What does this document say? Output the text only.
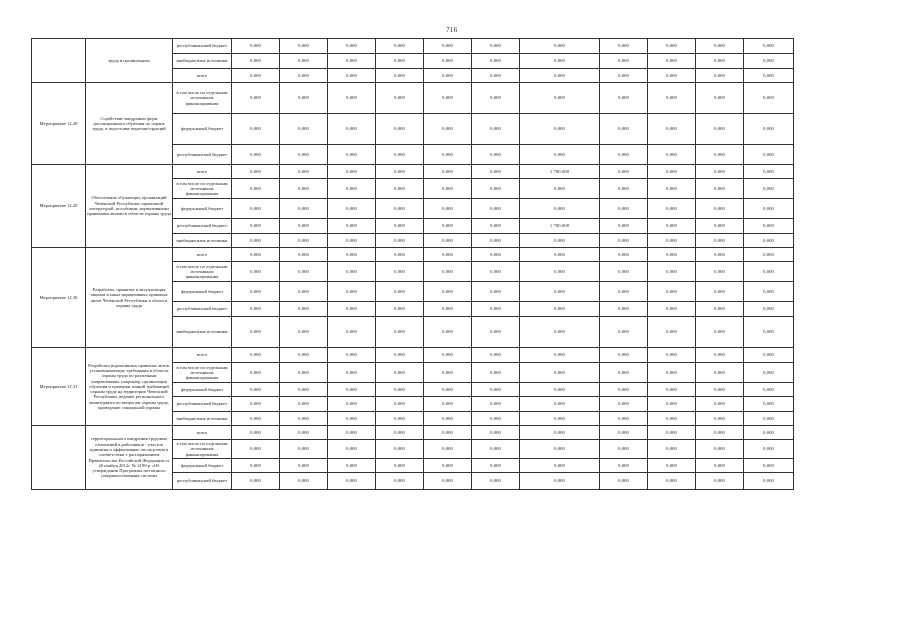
716
	труда в организациях	республиканский бюджет	0,000	0,000	0,000	0,000	0,000	0,000	0,000	0,000	0,000	0,000	0,000
		внебюджетные источники	0,000	0,000	0,000	0,000	0,000	0,000	0,000	0,000	0,000	0,000	0,000
		всего	0,000	0,000	0,000	0,000	0,000	0,000	0,000	0,000	0,000	0,000	0,000
Мероприятие 12.28	Содействие внедрению форм дистанционного обучения по охране труда, в подготовке видеоинструкций	в том числе по отдельным источникам финансирования	0,000	0,000	0,000	0,000	0,000	0,000	0,000	0,000	0,000	0,000	0,000
		федеральный бюджет	0,000	0,000	0,000	0,000	0,000	0,000	0,000	0,000	0,000	0,000	0,000
		республиканский бюджет	0,000	0,000	0,000	0,000	0,000	0,000	0,000	0,000	0,000	0,000	0,000
Мероприятие 12.29	Обеспечение обучающих организаций Чеченской Республики справочной литературой, пособиями, нормативными правовыми актами в области охраны труда	всего	0,000	0,000	0,000	0,000	0,000	0,000	1 700,000	0,000	0,000	0,000	0,000
		в том числе по отдельным источникам финансирования	0,000	0,000	0,000	0,000	0,000	0,000	0,000	0,000	0,000	0,000	0,000
		федеральный бюджет	0,000	0,000	0,000	0,000	0,000	0,000	0,000	0,000	0,000	0,000	0,000
		республиканский бюджет	0,000	0,000	0,000	0,000	0,000	0,000	1 700,000	0,000	0,000	0,000	0,000
		внебюджетные источники	0,000	0,000	0,000	0,000	0,000	0,000	0,000	0,000	0,000	0,000	0,000
Мероприятие 12.30	Разработка, принятие и актуализация законов и иных нормативных правовых актов Чеченской Республики в области охраны труда	всего	0,000	0,000	0,000	0,000	0,000	0,000	0,000	0,000	0,000	0,000	0,000
		в том числе по отдельным источникам финансирования	0,000	0,000	0,000	0,000	0,000	0,000	0,000	0,000	0,000	0,000	0,000
		федеральный бюджет	0,000	0,000	0,000	0,000	0,000	0,000	0,000	0,000	0,000	0,000	0,000
		республиканский бюджет	0,000	0,000	0,000	0,000	0,000	0,000	0,000	0,000	0,000	0,000	0,000
		внебюджетные источники	0,000	0,000	0,000	0,000	0,000	0,000	0,000	0,000	0,000	0,000	0,000
Мероприятие 12.31	Разработка нормативных правовых актов, устанавливающих требования в области охраны труда по различным направлениям, например, организация обучения и проверки знаний требований охраны труда на территории Чеченской Республики, ведение регионального мониторинга по вопросам охраны труда, проведение социальной охраны	всего	0,000	0,000	0,000	0,000	0,000	0,000	0,000	0,000	0,000	0,000	0,000
		в том числе по отдельным источникам финансирования	0,000	0,000	0,000	0,000	0,000	0,000	0,000	0,000	0,000	0,000	0,000
		федеральный бюджет	0,000	0,000	0,000	0,000	0,000	0,000	0,000	0,000	0,000	0,000	0,000
		республиканский бюджет	0,000	0,000	0,000	0,000	0,000	0,000	0,000	0,000	0,000	0,000	0,000
		внебюджетные источники	0,000	0,000	0,000	0,000	0,000	0,000	0,000	0,000	0,000	0,000	0,000
	территориального внедрения трудовых отношений в работников - участок принятия и эффективные последствия в соответствии с распоряжением Правительства Российской Федерации от 26 ноября 2012г. № 2190-р «Об утверждении Программы поэтапного совершенствования системы	всего	0,000	0,000	0,000	0,000	0,000	0,000	0,000	0,000	0,000	0,000	0,000
		в том числе по отдельным источникам финансирования	0,000	0,000	0,000	0,000	0,000	0,000	0,000	0,000	0,000	0,000	0,000
		федеральный бюджет	0,000	0,000	0,000	0,000	0,000	0,000	0,000	0,000	0,000	0,000	0,000
		республиканский бюджет	0,000	0,000	0,000	0,000	0,000	0,000	0,000	0,000	0,000	0,000	0,000
